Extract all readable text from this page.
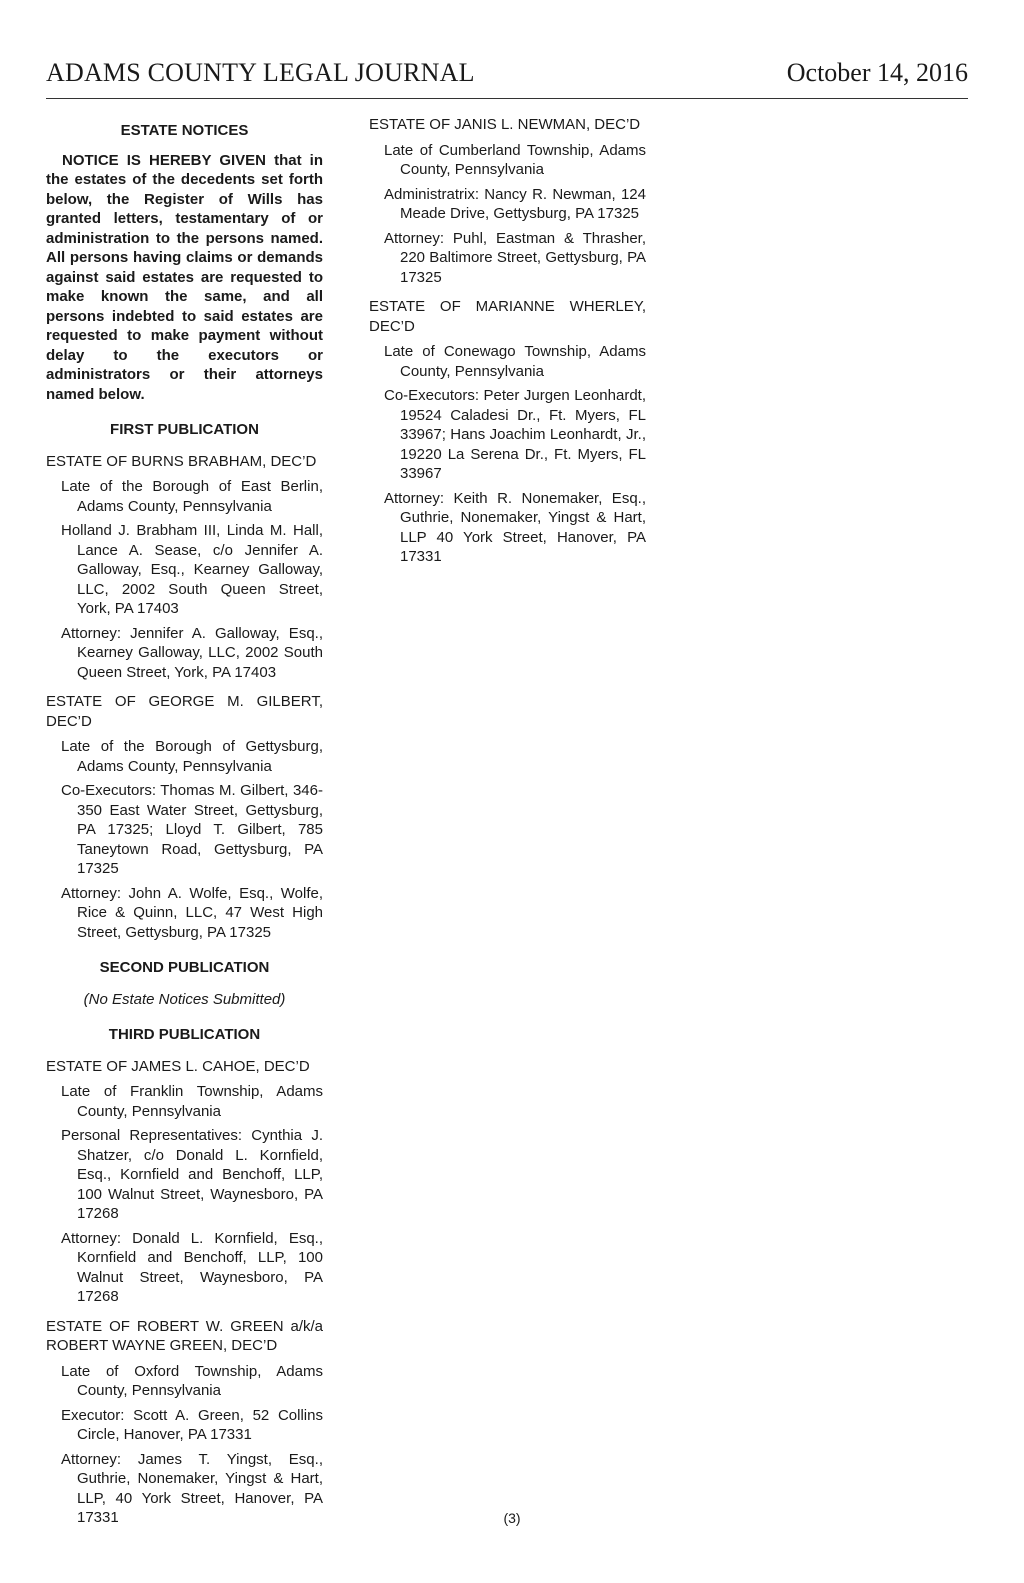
ADAMS COUNTY LEGAL JOURNAL	October 14, 2016
ESTATE NOTICES
NOTICE IS HEREBY GIVEN that in the estates of the decedents set forth below, the Register of Wills has granted letters, testamentary of or administration to the persons named. All persons having claims or demands against said estates are requested to make known the same, and all persons indebted to said estates are requested to make payment without delay to the executors or administrators or their attorneys named below.
FIRST PUBLICATION
ESTATE OF BURNS BRABHAM, DEC’D
Late of the Borough of East Berlin, Adams County, Pennsylvania
Holland J. Brabham III, Linda M. Hall, Lance A. Sease, c/o Jennifer A. Galloway, Esq., Kearney Galloway, LLC, 2002 South Queen Street, York, PA 17403
Attorney: Jennifer A. Galloway, Esq., Kearney Galloway, LLC, 2002 South Queen Street, York, PA 17403
ESTATE OF GEORGE M. GILBERT, DEC’D
Late of the Borough of Gettysburg, Adams County, Pennsylvania
Co-Executors: Thomas M. Gilbert, 346-350 East Water Street, Gettysburg, PA 17325; Lloyd T. Gilbert, 785 Taneytown Road, Gettysburg, PA 17325
Attorney: John A. Wolfe, Esq., Wolfe, Rice & Quinn, LLC, 47 West High Street, Gettysburg, PA 17325
SECOND PUBLICATION
(No Estate Notices Submitted)
THIRD PUBLICATION
ESTATE OF JAMES L. CAHOE, DEC’D
Late of Franklin Township, Adams County, Pennsylvania
Personal Representatives: Cynthia J. Shatzer, c/o Donald L. Kornfield, Esq., Kornfield and Benchoff, LLP, 100 Walnut Street, Waynesboro, PA 17268
Attorney: Donald L. Kornfield, Esq., Kornfield and Benchoff, LLP, 100 Walnut Street, Waynesboro, PA 17268
ESTATE OF ROBERT W. GREEN a/k/a ROBERT WAYNE GREEN, DEC’D
Late of Oxford Township, Adams County, Pennsylvania
Executor: Scott A. Green, 52 Collins Circle, Hanover, PA 17331
Attorney: James T. Yingst, Esq., Guthrie, Nonemaker, Yingst & Hart, LLP, 40 York Street, Hanover, PA 17331
ESTATE OF JANIS L. NEWMAN, DEC’D
Late of Cumberland Township, Adams County, Pennsylvania
Administratrix: Nancy R. Newman, 124 Meade Drive, Gettysburg, PA 17325
Attorney: Puhl, Eastman & Thrasher, 220 Baltimore Street, Gettysburg, PA 17325
ESTATE OF MARIANNE WHERLEY, DEC’D
Late of Conewago Township, Adams County, Pennsylvania
Co-Executors: Peter Jurgen Leonhardt, 19524 Caladesi Dr., Ft. Myers, FL 33967; Hans Joachim Leonhardt, Jr., 19220 La Serena Dr., Ft. Myers, FL 33967
Attorney: Keith R. Nonemaker, Esq., Guthrie, Nonemaker, Yingst & Hart, LLP 40 York Street, Hanover, PA 17331
(3)
